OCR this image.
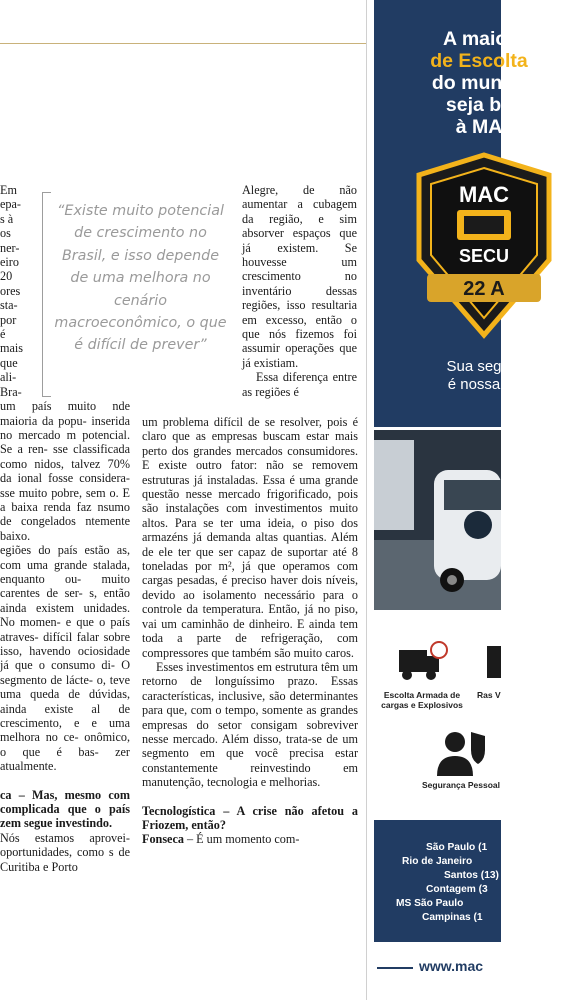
Em

epa-

s à

os

ner-

eiro

20

ores

sta-

por

é

mais

que

ali-

Bra-

um país muito nde maioria da popu- inserida no mercado m potencial. Se a ren- sse classificada como nidos, talvez 70% da ional fosse considera- sse muito pobre, sem o. E a baixa renda faz nsumo de congelados ntemente baixo.

egiões do país estão as, com uma grande stalada, enquanto ou- muito carentes de ser- s, então ainda existem unidades. No momen- e que o país atraves- difícil falar sobre isso, havendo ociosidade já que o consumo di- O segmento de lácte- o, teve uma queda de dúvidas, ainda existe al de crescimento, e e uma melhora no ce- onômico, o que é bas- zer atualmente.

ca – Mas, mesmo com complicada que o país zem segue investindo.

Nós estamos aprovei- oportunidades, como s de Curitiba e Porto

“Existe muito potencial de crescimento no Brasil, e isso depende de uma melhora no cenário macroeconômico, o que é difícil de prever”

Alegre, de não aumentar a cubagem da região, e sim absorver espaços que já existem. Se houvesse um crescimento no inventário dessas regiões, isso resultaria em excesso, então o que nós fizemos foi assumir operações que já existiam.

Essa diferença entre as regiões é

um problema difícil de se resolver, pois é claro que as empresas buscam estar mais perto dos grandes mercados consumidores. E existe outro fator: não se removem estruturas já instaladas. Essa é uma grande questão nesse mercado frigorificado, pois são instalações com investimentos muito altos. Para se ter uma ideia, o piso dos armazéns já demanda altas quantias. Além de ele ter que ser capaz de suportar até 8 toneladas por m², já que operamos com cargas pesadas, é preciso haver dois níveis, devido ao isolamento necessário para o controle da temperatura. Então, já no piso, vai um caminhão de dinheiro. E ainda tem toda a parte de refrigeração, com compressores que também são muito caros.

Esses investimentos em estrutura têm um retorno de longuíssimo prazo. Essas características, inclusive, são determinantes para que, com o tempo, somente as grandes empresas do setor consigam sobreviver nesse mercado. Além disso, trata-se de um segmento em que você precisa estar constantemente reinvestindo em manutenção, tecnologia e melhorias.

Tecnologística – A crise não afetou a Friozem, então?

Fonseca – É um momento com-

A maior
de Escolta
do mundo
seja be
à MA
MAC
SECU
22 A
Sua seg
é nossa
Escolta Armada de cargas e Explosivos
Ras V
Segurança Pessoal
São Paulo (1
Rio de Janeiro
Santos (13)
Contagem (3
MS São Paulo
Campinas (1
www.mac
